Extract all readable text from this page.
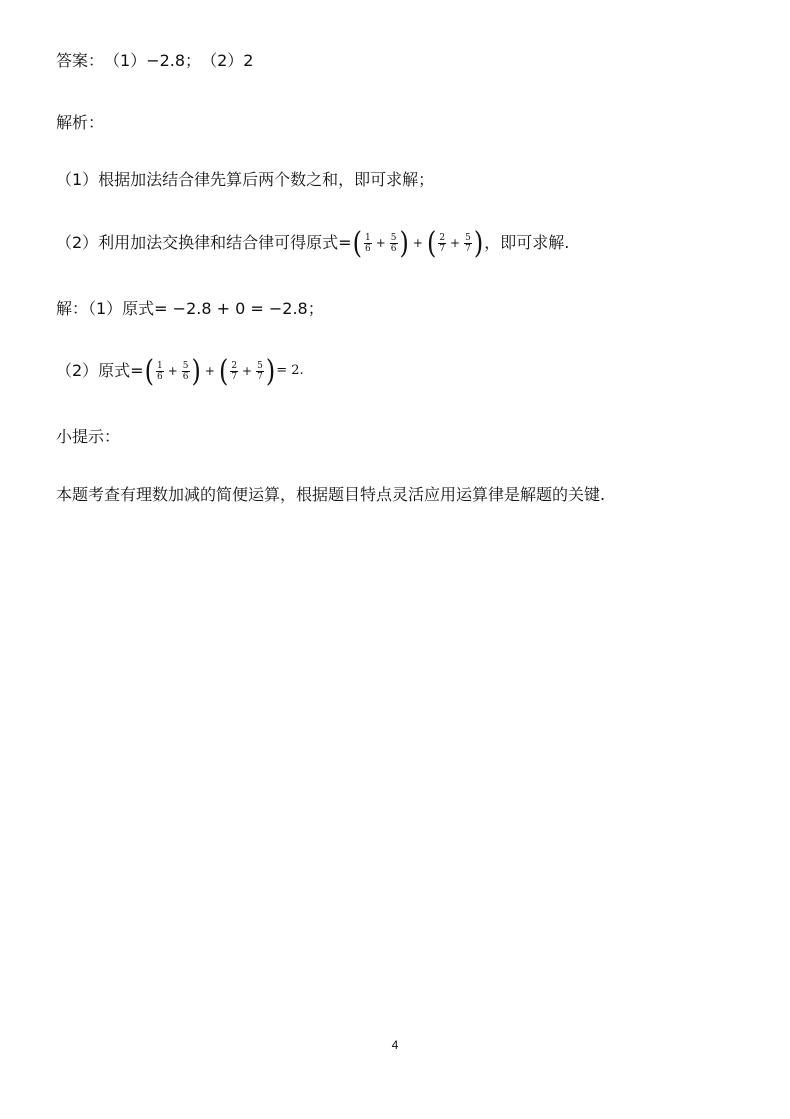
答案： （1）−2.8； （2）2
解析：
（1）根据加法结合律先算后两个数之和，即可求解；
（2）利用加法交换律和结合律可得原式= ( $\frac{1}{6} + \frac{5}{6}$ ) + ( $\frac{2}{7} + \frac{5}{7}$ ) ，即可求解.
解：（1）原式= −2.8 + 0 = −2.8；
（2）原式= ( $\frac{1}{6} + \frac{5}{6}$ ) + ( $\frac{2}{7} + \frac{5}{7}$ ) = 2.
小提示：
本题考查有理数加减的简便运算，根据题目特点灵活应用运算律是解题的关键.
4
